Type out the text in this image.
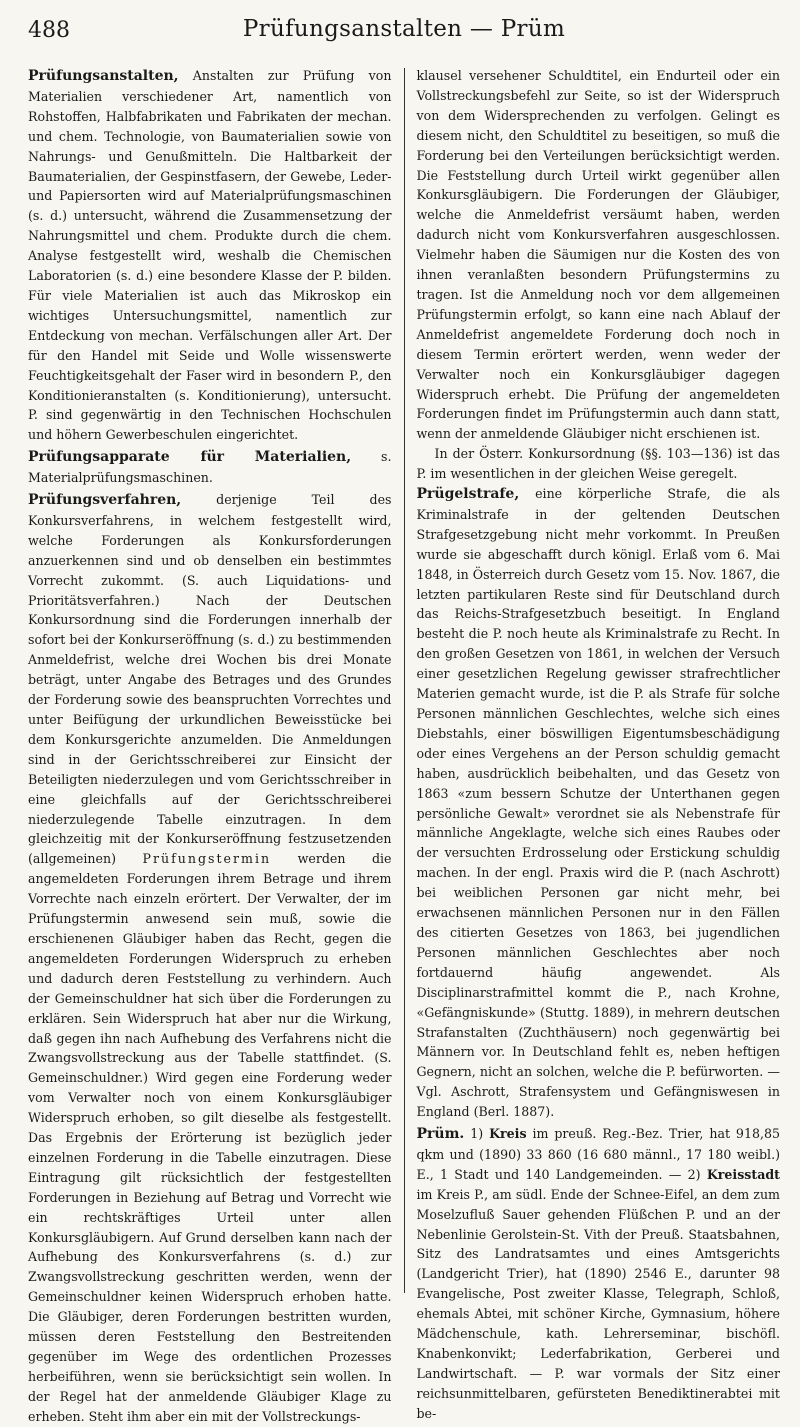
488	Prüfungsanstalten — Prüm

Prüfungsanstalten, Anstalten zur Prüfung von Materialien verschiedener Art, namentlich von Rohstoffen, Halbfabrikaten und Fabrikaten der mechan. und chem. Technologie, von Baumaterialien sowie von Nahrungs- und Genußmitteln. Die Haltbarkeit der Baumaterialien, der Gespinstfasern, der Gewebe, Leder- und Papiersorten wird auf Materialprüfungsmaschinen (s. d.) untersucht, während die Zusammensetzung der Nahrungsmittel und chem. Produkte durch die chem. Analyse festgestellt wird, weshalb die Chemischen Laboratorien (s. d.) eine besondere Klasse der P. bilden. Für viele Materialien ist auch das Mikroskop ein wichtiges Untersuchungsmittel, namentlich zur Entdeckung von mechan. Verfälschungen aller Art. Der für den Handel mit Seide und Wolle wissenswerte Feuchtigkeitsgehalt der Faser wird in besondern P., den Konditionieranstalten (s. Konditionierung), untersucht. P. sind gegenwärtig in den Technischen Hochschulen und höhern Gewerbeschulen eingerichtet.

Prüfungsapparate für Materialien, s. Materialprüfungsmaschinen.

Prüfungsverfahren, derjenige Teil des Konkursverfahrens, in welchem festgestellt wird, welche Forderungen als Konkursforderungen anzuerkennen sind und ob denselben ein bestimmtes Vorrecht zukommt. (S. auch Liquidations- und Prioritätsverfahren.) Nach der Deutschen Konkursordnung sind die Forderungen innerhalb der sofort bei der Konkurseröffnung (s. d.) zu bestimmenden Anmeldefrist, welche drei Wochen bis drei Monate beträgt, unter Angabe des Betrages und des Grundes der Forderung sowie des beanspruchten Vorrechtes und unter Beifügung der urkundlichen Beweisstücke bei dem Konkursgerichte anzumelden. Die Anmeldungen sind in der Gerichtsschreiberei zur Einsicht der Beteiligten niederzulegen und vom Gerichtsschreiber in eine gleichfalls auf der Gerichtsschreiberei niederzulegende Tabelle einzutragen. In dem gleichzeitig mit der Konkurseröffnung festzusetzenden (allgemeinen) Prüfungstermin werden die angemeldeten Forderungen ihrem Betrage und ihrem Vorrechte nach einzeln erörtert. Der Verwalter, der im Prüfungstermin anwesend sein muß, sowie die erschienenen Gläubiger haben das Recht, gegen die angemeldeten Forderungen Widerspruch zu erheben und dadurch deren Feststellung zu verhindern. Auch der Gemeinschuldner hat sich über die Forderungen zu erklären. Sein Widerspruch hat aber nur die Wirkung, daß gegen ihn nach Aufhebung des Verfahrens nicht die Zwangsvollstreckung aus der Tabelle stattfindet. (S. Gemeinschuldner.) Wird gegen eine Forderung weder vom Verwalter noch von einem Konkursgläubiger Widerspruch erhoben, so gilt dieselbe als festgestellt. Das Ergebnis der Erörterung ist bezüglich jeder einzelnen Forderung in die Tabelle einzutragen. Diese Eintragung gilt rücksichtlich der festgestellten Forderungen in Beziehung auf Betrag und Vorrecht wie ein rechtskräftiges Urteil unter allen Konkursgläubigern. Auf Grund derselben kann nach der Aufhebung des Konkursverfahrens (s. d.) zur Zwangsvollstreckung geschritten werden, wenn der Gemeinschuldner keinen Widerspruch erhoben hatte. Die Gläubiger, deren Forderungen bestritten wurden, müssen deren Feststellung den Bestreitenden gegenüber im Wege des ordentlichen Prozesses herbeiführen, wenn sie berücksichtigt sein wollen. In der Regel hat der anmeldende Gläubiger Klage zu erheben. Steht ihm aber ein mit der Vollstreckungs-

klausel versehener Schuldtitel, ein Endurteil oder ein Vollstreckungsbefehl zur Seite, so ist der Widerspruch von dem Widersprechenden zu verfolgen. Gelingt es diesem nicht, den Schuldtitel zu beseitigen, so muß die Forderung bei den Verteilungen berücksichtigt werden. Die Feststellung durch Urteil wirkt gegenüber allen Konkursgläubigern. Die Forderungen der Gläubiger, welche die Anmeldefrist versäumt haben, werden dadurch nicht vom Konkursverfahren ausgeschlossen. Vielmehr haben die Säumigen nur die Kosten des von ihnen veranlaßten besondern Prüfungstermins zu tragen. Ist die Anmeldung noch vor dem allgemeinen Prüfungstermin erfolgt, so kann eine nach Ablauf der Anmeldefrist angemeldete Forderung doch noch in diesem Termin erörtert werden, wenn weder der Verwalter noch ein Konkursgläubiger dagegen Widerspruch erhebt. Die Prüfung der angemeldeten Forderungen findet im Prüfungstermin auch dann statt, wenn der anmeldende Gläubiger nicht erschienen ist.

In der Österr. Konkursordnung (§§. 103—136) ist das P. im wesentlichen in der gleichen Weise geregelt.

Prügelstrafe, eine körperliche Strafe, die als Kriminalstrafe in der geltenden Deutschen Strafgesetzgebung nicht mehr vorkommt. In Preußen wurde sie abgeschafft durch königl. Erlaß vom 6. Mai 1848, in Österreich durch Gesetz vom 15. Nov. 1867, die letzten partikularen Reste sind für Deutschland durch das Reichs-Strafgesetzbuch beseitigt. In England besteht die P. noch heute als Kriminalstrafe zu Recht. In den großen Gesetzen von 1861, in welchen der Versuch einer gesetzlichen Regelung gewisser strafrechtlicher Materien gemacht wurde, ist die P. als Strafe für solche Personen männlichen Geschlechtes, welche sich eines Diebstahls, einer böswilligen Eigentumsbeschädigung oder eines Vergehens an der Person schuldig gemacht haben, ausdrücklich beibehalten, und das Gesetz von 1863 «zum bessern Schutze der Unterthanen gegen persönliche Gewalt» verordnet sie als Nebenstrafe für männliche Angeklagte, welche sich eines Raubes oder der versuchten Erdrosselung oder Erstickung schuldig machen. In der engl. Praxis wird die P. (nach Aschrott) bei weiblichen Personen gar nicht mehr, bei erwachsenen männlichen Personen nur in den Fällen des citierten Gesetzes von 1863, bei jugendlichen Personen männlichen Geschlechtes aber noch fortdauernd häufig angewendet. Als Disciplinarstrafmittel kommt die P., nach Krohne, «Gefängniskunde» (Stuttg. 1889), in mehrern deutschen Strafanstalten (Zuchthäusern) noch gegenwärtig bei Männern vor. In Deutschland fehlt es, neben heftigen Gegnern, nicht an solchen, welche die P. befürworten. — Vgl. Aschrott, Strafensystem und Gefängniswesen in England (Berl. 1887).

Prüm. 1) Kreis im preuß. Reg.-Bez. Trier, hat 918,85 qkm und (1890) 33 860 (16 680 männl., 17 180 weibl.) E., 1 Stadt und 140 Landgemeinden. — 2) Kreisstadt im Kreis P., am südl. Ende der Schnee-Eifel, an dem zum Moselzufluß Sauer gehenden Flüßchen P. und an der Nebenlinie Gerolstein-St. Vith der Preuß. Staatsbahnen, Sitz des Landratsamtes und eines Amtsgerichts (Landgericht Trier), hat (1890) 2546 E., darunter 98 Evangelische, Post zweiter Klasse, Telegraph, Schloß, ehemals Abtei, mit schöner Kirche, Gymnasium, höhere Mädchenschule, kath. Lehrerseminar, bischöfl. Knabenkonvikt; Lederfabrikation, Gerberei und Landwirtschaft. — P. war vormals der Sitz einer reichsunmittelbaren, gefürsteten Benediktinerabtei mit be-
